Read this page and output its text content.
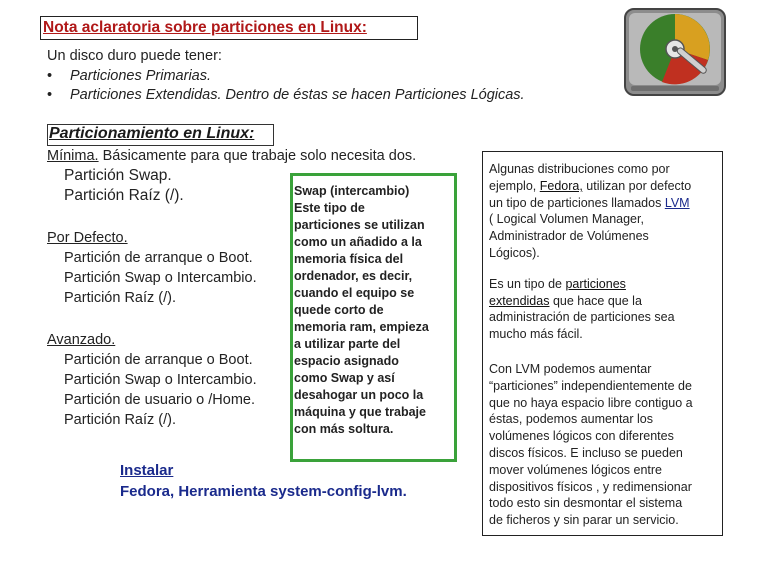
Nota aclaratoria sobre particiones en Linux:
Un disco duro puede tener:
•	Particiones Primarias.
•	Particiones Extendidas. Dentro de éstas se hacen Particiones Lógicas.
Particionamiento en Linux:
Mínima. Básicamente para que trabaje solo necesita dos.
Partición Swap.
Partición Raíz (/).
Por Defecto.
Partición de arranque o Boot.
Partición Swap o Intercambio.
Partición Raíz (/).
Avanzado.
Partición de arranque o Boot.
Partición Swap o Intercambio.
Partición de usuario o /Home.
Partición Raíz (/).
Swap (intercambio)
Este tipo de
particiones se utilizan
como un añadido a la
memoria física del
ordenador, es decir,
cuando el equipo se
quede corto de
memoria ram, empieza
a utilizar parte del
espacio asignado
como Swap y así
desahogar un poco la
máquina y que trabaje
con más soltura.
Instalar
Fedora, Herramienta system-config-lvm.
Algunas distribuciones como por
ejemplo, Fedora, utilizan por defecto
un tipo de particiones llamados LVM
( Logical Volumen Manager,
Administrador de Volúmenes
Lógicos).
Es un tipo de particiones
extendidas que hace que la
administración de particiones sea
mucho más fácil.
Con LVM podemos aumentar
“particiones” independientemente de
que no haya espacio libre contiguo a
éstas, podemos aumentar los
volúmenes lógicos con diferentes
discos físicos. E incluso se pueden
mover volúmenes lógicos entre
dispositivos físicos , y redimensionar
todo esto sin desmontar el sistema
de ficheros y sin parar un servicio.
